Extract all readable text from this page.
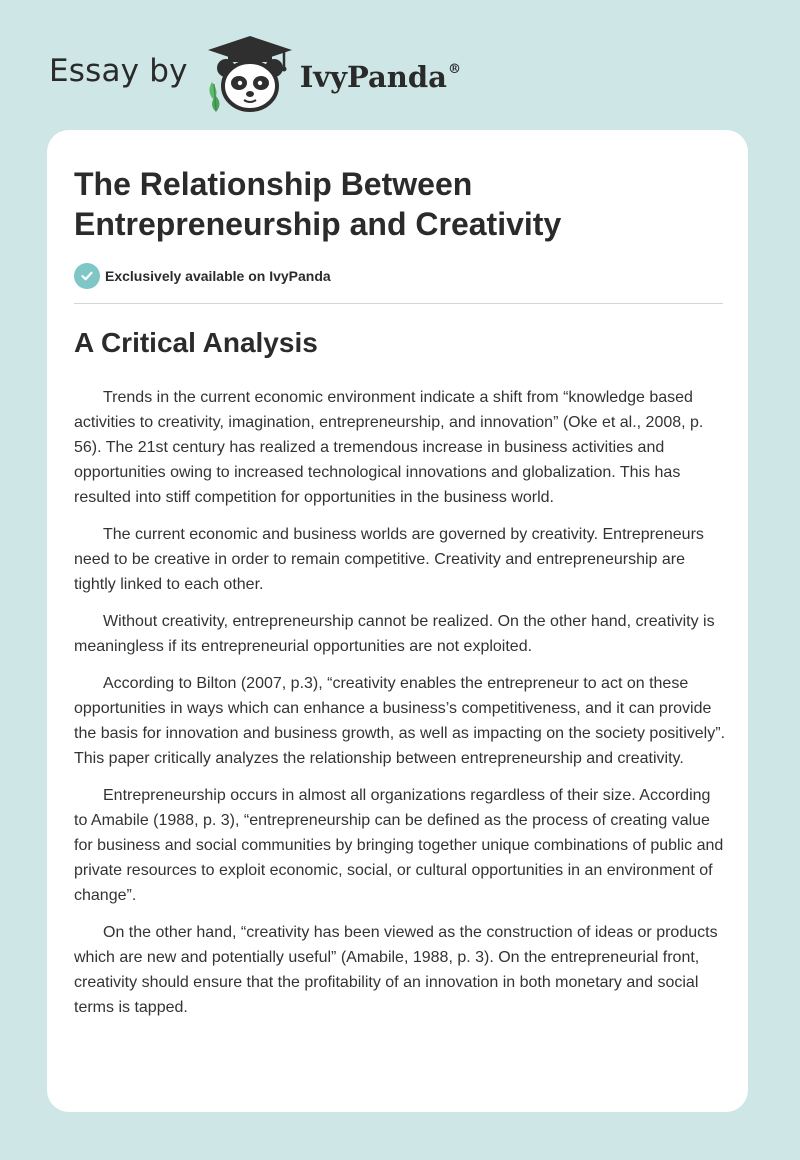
Essay by	IvyPanda®
The Relationship Between Entrepreneurship and Creativity
Exclusively available on IvyPanda
A Critical Analysis

Trends in the current economic environment indicate a shift from “knowledge based activities to creativity, imagination, entrepreneurship, and innovation” (Oke et al., 2008, p. 56). The 21st century has realized a tremendous increase in business activities and opportunities owing to increased technological innovations and globalization. This has resulted into stiff competition for opportunities in the business world.

The current economic and business worlds are governed by creativity. Entrepreneurs need to be creative in order to remain competitive. Creativity and entrepreneurship are tightly linked to each other.

Without creativity, entrepreneurship cannot be realized. On the other hand, creativity is meaningless if its entrepreneurial opportunities are not exploited.

According to Bilton (2007, p.3), “creativity enables the entrepreneur to act on these opportunities in ways which can enhance a business’s competitiveness, and it can provide the basis for innovation and business growth, as well as impacting on the society positively”. This paper critically analyzes the relationship between entrepreneurship and creativity.

Entrepreneurship occurs in almost all organizations regardless of their size. According to Amabile (1988, p. 3), “entrepreneurship can be defined as the process of creating value for business and social communities by bringing together unique combinations of public and private resources to exploit economic, social, or cultural opportunities in an environment of change”.

On the other hand, “creativity has been viewed as the construction of ideas or products which are new and potentially useful” (Amabile, 1988, p. 3). On the entrepreneurial front, creativity should ensure that the profitability of an innovation in both monetary and social terms is tapped.
